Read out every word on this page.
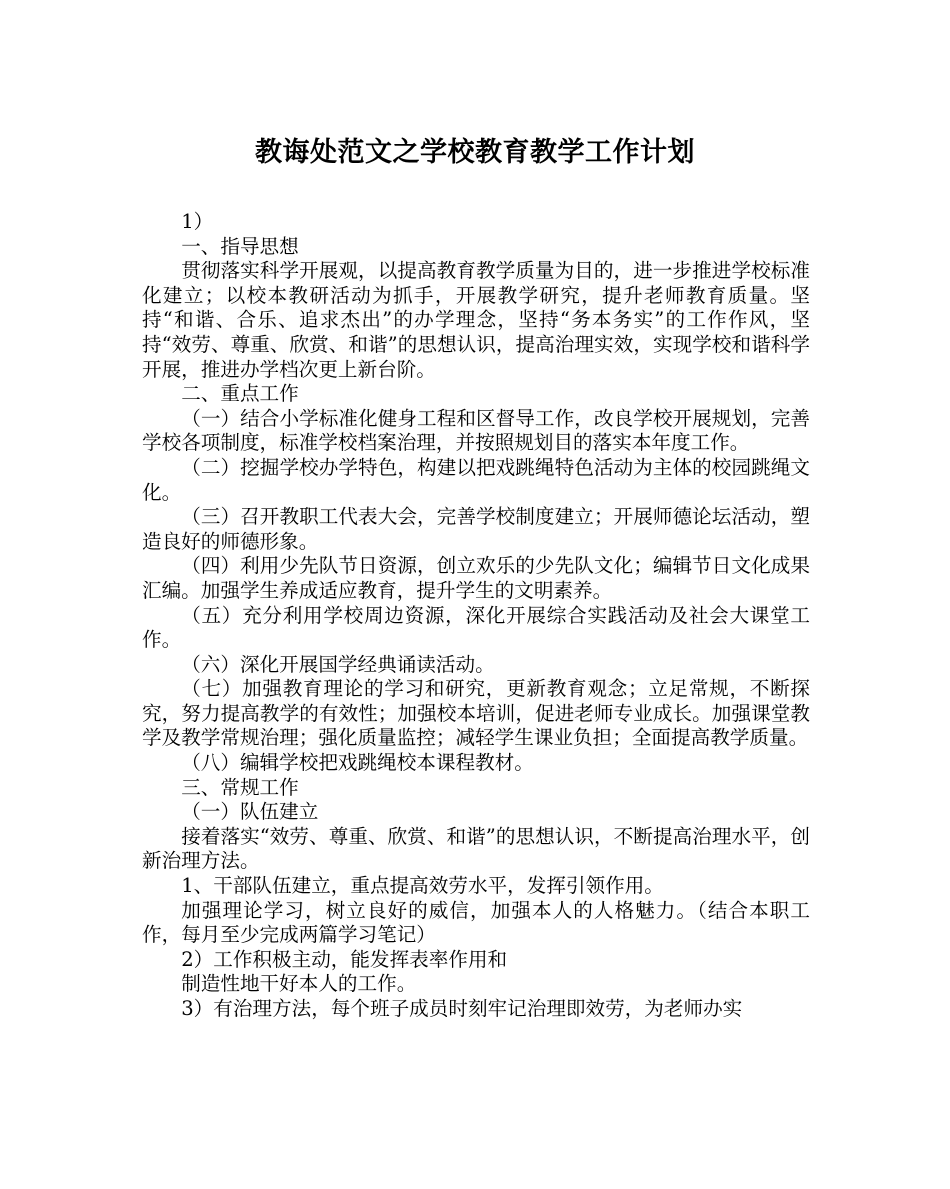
教诲处范文之学校教育教学工作计划

1）

一、指导思想

贯彻落实科学开展观，以提高教育教学质量为目的，进一步推进学校标准化建立；以校本教研活动为抓手，开展教学研究，提升老师教育质量。坚持“和谐、合乐、追求杰出”的办学理念，坚持“务本务实”的工作作风，坚持“效劳、尊重、欣赏、和谐”的思想认识，提高治理实效，实现学校和谐科学开展，推进办学档次更上新台阶。

二、重点工作

（一）结合小学标准化健身工程和区督导工作，改良学校开展规划，完善学校各项制度，标准学校档案治理，并按照规划目的落实本年度工作。

（二）挖掘学校办学特色，构建以把戏跳绳特色活动为主体的校园跳绳文化。

（三）召开教职工代表大会，完善学校制度建立；开展师德论坛活动，塑造良好的师德形象。

（四）利用少先队节日资源，创立欢乐的少先队文化；编辑节日文化成果汇编。加强学生养成适应教育，提升学生的文明素养。

（五）充分利用学校周边资源，深化开展综合实践活动及社会大课堂工作。

（六）深化开展国学经典诵读活动。

（七）加强教育理论的学习和研究，更新教育观念；立足常规，不断探究，努力提高教学的有效性；加强校本培训，促进老师专业成长。加强课堂教学及教学常规治理；强化质量监控；减轻学生课业负担；全面提高教学质量。

（八）编辑学校把戏跳绳校本课程教材。

三、常规工作

（一）队伍建立

接着落实“效劳、尊重、欣赏、和谐”的思想认识，不断提高治理水平，创新治理方法。

1、干部队伍建立，重点提高效劳水平，发挥引领作用。

加强理论学习，树立良好的威信，加强本人的人格魅力。（结合本职工作，每月至少完成两篇学习笔记）

2）工作积极主动，能发挥表率作用和

制造性地干好本人的工作。

3）有治理方法，每个班子成员时刻牢记治理即效劳，为老师办实
